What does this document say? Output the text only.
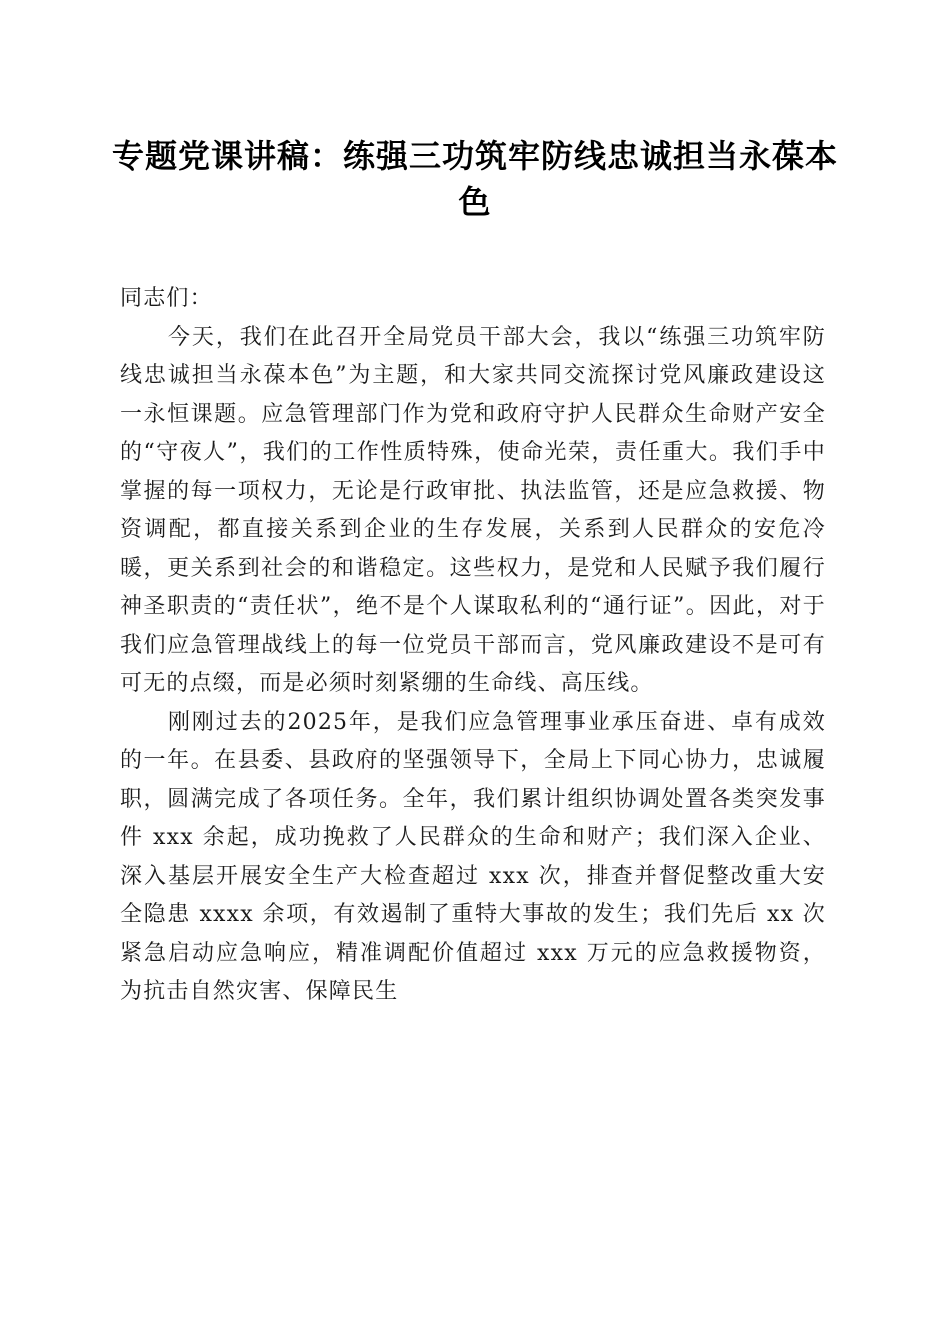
专题党课讲稿：练强三功筑牢防线忠诚担当永葆本色

同志们：

今天，我们在此召开全局党员干部大会，我以“练强三功筑牢防线忠诚担当永葆本色”为主题，和大家共同交流探讨党风廉政建设这一永恒课题。应急管理部门作为党和政府守护人民群众生命财产安全的“守夜人”，我们的工作性质特殊，使命光荣，责任重大。我们手中掌握的每一项权力，无论是行政审批、执法监管，还是应急救援、物资调配，都直接关系到企业的生存发展，关系到人民群众的安危冷暖，更关系到社会的和谐稳定。这些权力，是党和人民赋予我们履行神圣职责的“责任状”，绝不是个人谋取私利的“通行证”。因此，对于我们应急管理战线上的每一位党员干部而言，党风廉政建设不是可有可无的点缀，而是必须时刻紧绷的生命线、高压线。

刚刚过去的2025年，是我们应急管理事业承压奋进、卓有成效的一年。在县委、县政府的坚强领导下，全局上下同心协力，忠诚履职，圆满完成了各项任务。全年，我们累计组织协调处置各类突发事件 xxx 余起，成功挽救了人民群众的生命和财产；我们深入企业、深入基层开展安全生产大检查超过 xxx 次，排查并督促整改重大安全隐患 xxxx 余项，有效遏制了重特大事故的发生；我们先后 xx 次紧急启动应急响应，精准调配价值超过 xxx 万元的应急救援物资，为抗击自然灾害、保障民生
